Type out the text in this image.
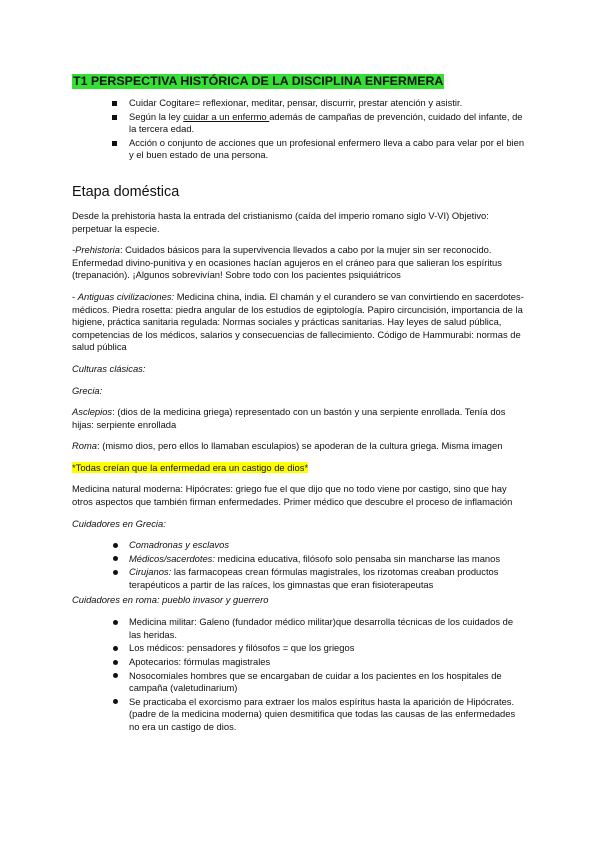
T1 PERSPECTIVA HISTÓRICA DE LA DISCIPLINA ENFERMERA
Cuidar Cogitare= reflexionar, meditar, pensar, discurrir, prestar atención y asistir.
Según la ley cuidar a un enfermo además de campañas de prevención, cuidado del infante, de la tercera edad.
Acción o conjunto de acciones que un profesional enfermero lleva a cabo para velar por el bien y el buen estado de una persona.
Etapa doméstica

Desde la prehistoria hasta la entrada del cristianismo (caída del imperio romano siglo V-VI) Objetivo: perpetuar la especie.

-Prehistoria: Cuidados básicos para la supervivencia llevados a cabo por la mujer sin ser reconocido. Enfermedad divino-punitiva y en ocasiones hacían agujeros en el cráneo para que salieran los espíritus (trepanación). ¡Algunos sobrevivían! Sobre todo con los pacientes psiquiátricos

- Antiguas civilizaciones: Medicina china, india. El chamán y el curandero se van convirtiendo en sacerdotes-médicos. Piedra rosetta: piedra angular de los estudios de egiptología. Papiro circuncisión, importancia de la higiene, práctica sanitaria regulada: Normas sociales y prácticas sanitarias. Hay leyes de salud pública, competencias de los médicos, salarios y consecuencias de fallecimiento. Código de Hammurabi: normas de salud pública

Culturas clásicas:

Grecia:

Asclepios: (dios de la medicina griega) representado con un bastón y una serpiente enrollada. Tenía dos hijas: serpiente enrollada

Roma: (mismo dios, pero ellos lo llamaban esculapios) se apoderan de la cultura griega. Misma imagen

*Todas creían que la enfermedad era un castigo de dios*

Medicina natural moderna: Hipócrates: griego fue el que dijo que no todo viene por castigo, sino que hay otros aspectos que también firman enfermedades. Primer médico que descubre el proceso de inflamación

Cuidadores en Grecia:

Comadronas y esclavos
Médicos/sacerdotes: medicina educativa, filósofo solo pensaba sin mancharse las manos
Cirujanos: las farmacopeas crean fórmulas magistrales, los rizotomas creaban productos terapéuticos a partir de las raíces, los gimnastas que eran fisioterapeutas

Cuidadores en roma: pueblo invasor y guerrero

Medicina militar: Galeno (fundador médico militar)que desarrolla técnicas de los cuidados de las heridas.
Los médicos: pensadores y filósofos = que los griegos
Apotecarios: fórmulas magistrales
Nosocomiales hombres que se encargaban de cuidar a los pacientes en los hospitales de campaña (valetudinarium)
Se practicaba el exorcismo para extraer los malos espíritus hasta la aparición de Hipócrates. (padre de la medicina moderna) quien desmitifica que todas las causas de las enfermedades no era un castigo de dios.
